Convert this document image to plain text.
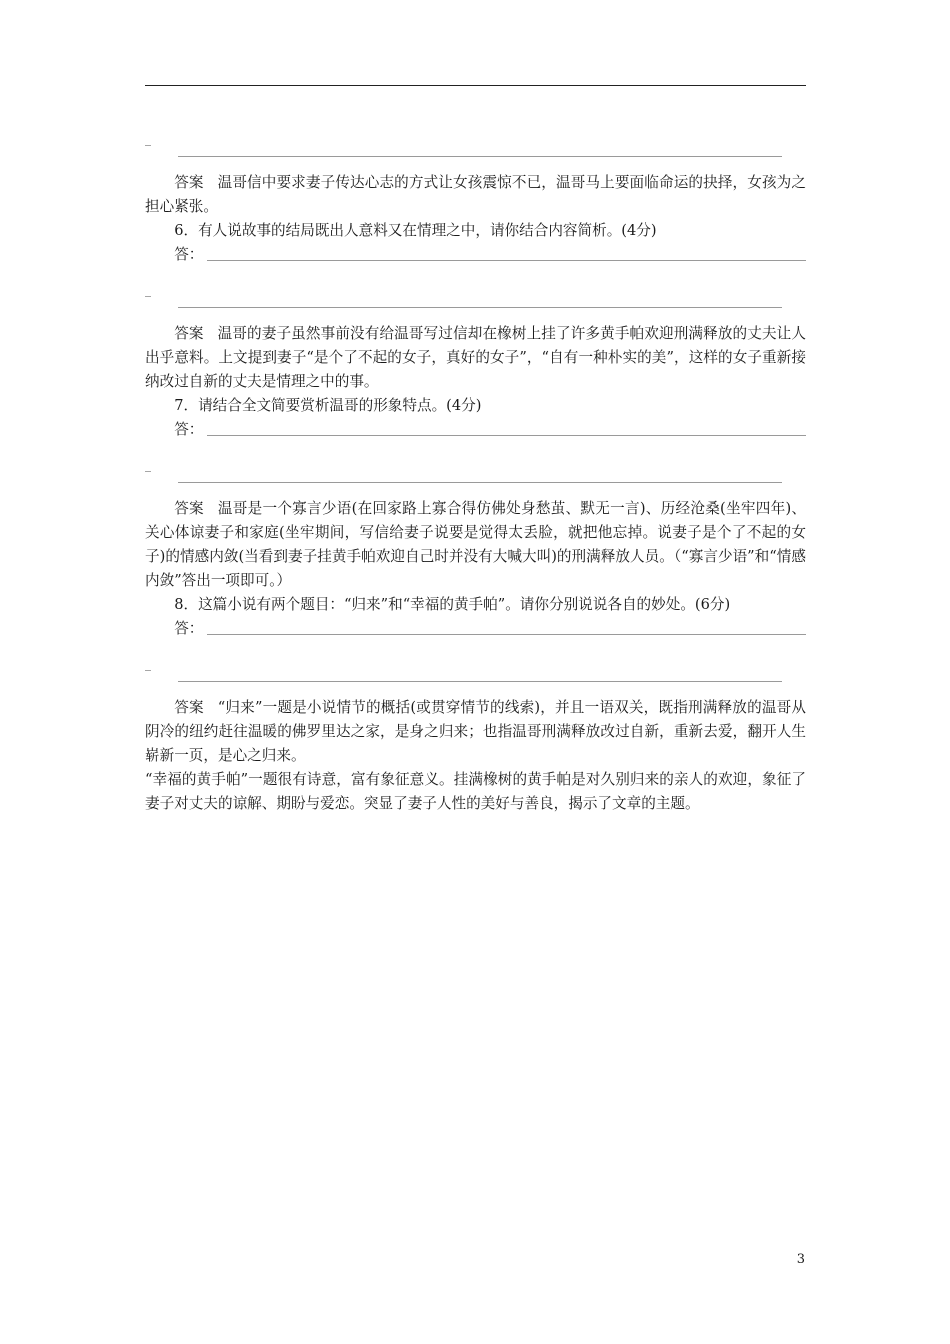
_

答案 温哥信中要求妻子传达心志的方式让女孩震惊不已，温哥马上要面临命运的抉择，女孩为之担心紧张。

6．有人说故事的结局既出人意料又在情理之中，请你结合内容简析。(4分)

答：
_

答案 温哥的妻子虽然事前没有给温哥写过信却在橡树上挂了许多黄手帕欢迎刑满释放的丈夫让人出乎意料。上文提到妻子“是个了不起的女子，真好的女子”，“自有一种朴实的美”，这样的女子重新接纳改过自新的丈夫是情理之中的事。

7．请结合全文简要赏析温哥的形象特点。(4分)

答：
_

答案 温哥是一个寡言少语(在回家路上寡合得仿佛处身愁茧、默无一言)、历经沧桑(坐牢四年)、关心体谅妻子和家庭(坐牢期间，写信给妻子说要是觉得太丢脸，就把他忘掉。说妻子是个了不起的女子)的情感内敛(当看到妻子挂黄手帕欢迎自己时并没有大喊大叫)的刑满释放人员。（“寡言少语”和“情感内敛”答出一项即可。）

8．这篇小说有两个题目：“归来”和“幸福的黄手帕”。请你分别说说各自的妙处。(6分)

答：
_

答案 “归来”一题是小说情节的概括(或贯穿情节的线索)，并且一语双关，既指刑满释放的温哥从阴冷的纽约赶往温暖的佛罗里达之家，是身之归来；也指温哥刑满释放改过自新，重新去爱，翻开人生崭新一页，是心之归来。

“幸福的黄手帕”一题很有诗意，富有象征意义。挂满橡树的黄手帕是对久别归来的亲人的欢迎，象征了妻子对丈夫的谅解、期盼与爱恋。突显了妻子人性的美好与善良，揭示了文章的主题。

3
